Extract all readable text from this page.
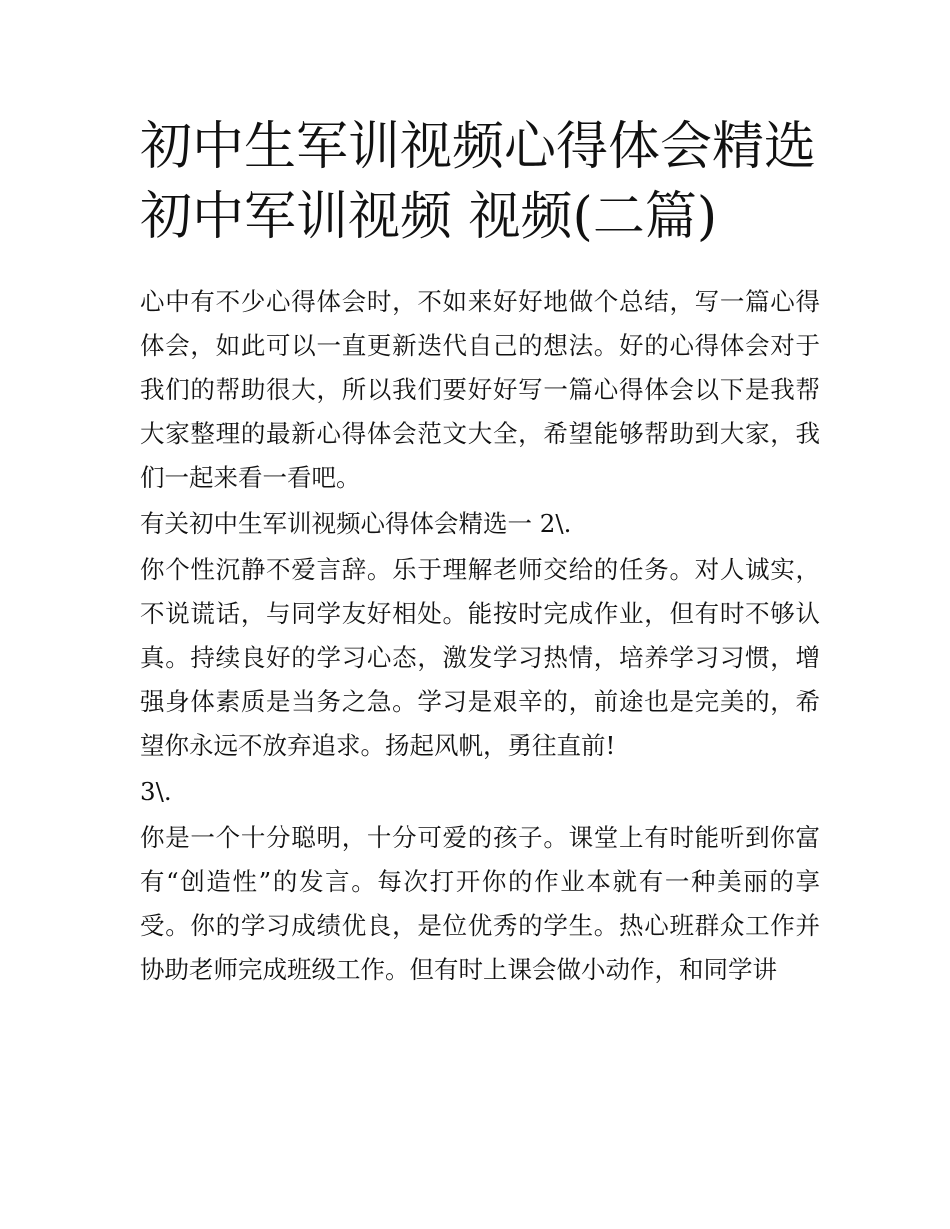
初中生军训视频心得体会精选
初中军训视频 视频(二篇)

心中有不少心得体会时，不如来好好地做个总结，写一篇心得体会，如此可以一直更新迭代自己的想法。好的心得体会对于我们的帮助很大，所以我们要好好写一篇心得体会以下是我帮大家整理的最新心得体会范文大全，希望能够帮助到大家，我们一起来看一看吧。

有关初中生军训视频心得体会精选一 2\.

你个性沉静不爱言辞。乐于理解老师交给的任务。对人诚实，不说谎话，与同学友好相处。能按时完成作业，但有时不够认真。持续良好的学习心态，激发学习热情，培养学习习惯，增强身体素质是当务之急。学习是艰辛的，前途也是完美的，希望你永远不放弃追求。扬起风帆，勇往直前!

3\.

你是一个十分聪明，十分可爱的孩子。课堂上有时能听到你富有“创造性”的发言。每次打开你的作业本就有一种美丽的享受。你的学习成绩优良，是位优秀的学生。热心班群众工作并协助老师完成班级工作。但有时上课会做小动作，和同学讲
